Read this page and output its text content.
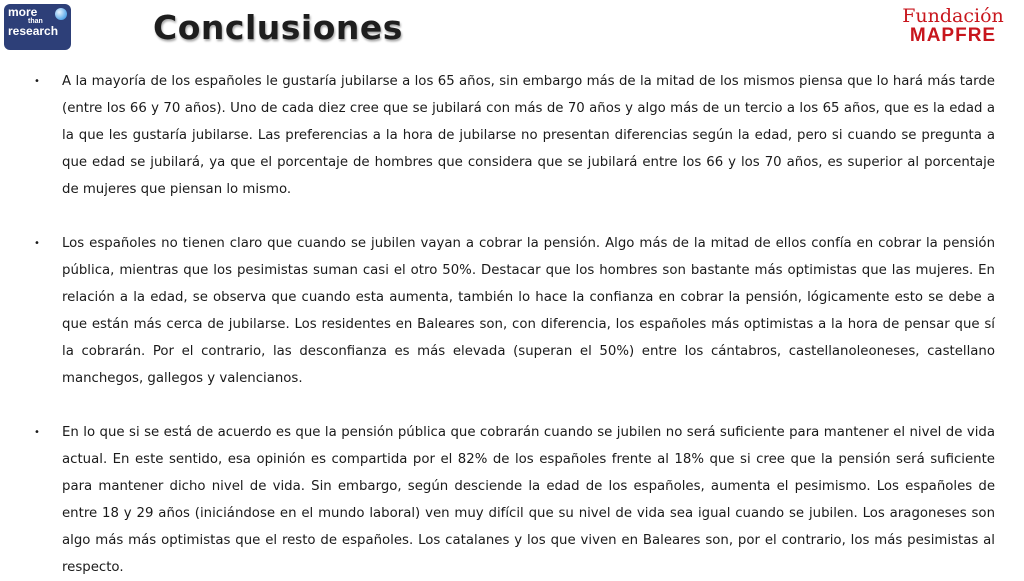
more
than
research	Conclusiones	Fundación
MAPFRE
• A la mayoría de los españoles le gustaría jubilarse a los 65 años, sin embargo más de la mitad de los mismos piensa que lo hará más tarde (entre los 66 y 70 años). Uno de cada diez cree que se jubilará con más de 70 años y algo más de un tercio a los 65 años, que es la edad a la que les gustaría jubilarse. Las preferencias a la hora de jubilarse no presentan diferencias según la edad, pero si cuando se pregunta a que edad se jubilará, ya que el porcentaje de hombres que considera que se jubilará entre los 66 y los 70 años, es superior al porcentaje de mujeres que piensan lo mismo.
• Los españoles no tienen claro que cuando se jubilen vayan a cobrar la pensión. Algo más de la mitad de ellos confía en cobrar la pensión pública, mientras que los pesimistas suman casi el otro 50%. Destacar que los hombres son bastante más optimistas que las mujeres. En relación a la edad, se observa que cuando esta aumenta, también lo hace la confianza en cobrar la pensión, lógicamente esto se debe a que están más cerca de jubilarse. Los residentes en Baleares son, con diferencia, los españoles más optimistas a la hora de pensar que sí la cobrarán. Por el contrario, las desconfianza es más elevada (superan el 50%) entre los cántabros, castellanoleoneses, castellano manchegos, gallegos y valencianos.
• En lo que si se está de acuerdo es que la pensión pública que cobrarán cuando se jubilen no será suficiente para mantener el nivel de vida actual. En este sentido, esa opinión es compartida por el 82% de los españoles frente al 18% que si cree que la pensión será suficiente para mantener dicho nivel de vida. Sin embargo, según desciende la edad de los españoles, aumenta el pesimismo. Los españoles de entre 18 y 29 años (iniciándose en el mundo laboral) ven muy difícil que su nivel de vida sea igual cuando se jubilen. Los aragoneses son algo más más optimistas que el resto de españoles. Los catalanes y los que viven en Baleares son, por el contrario, los más pesimistas al respecto.
